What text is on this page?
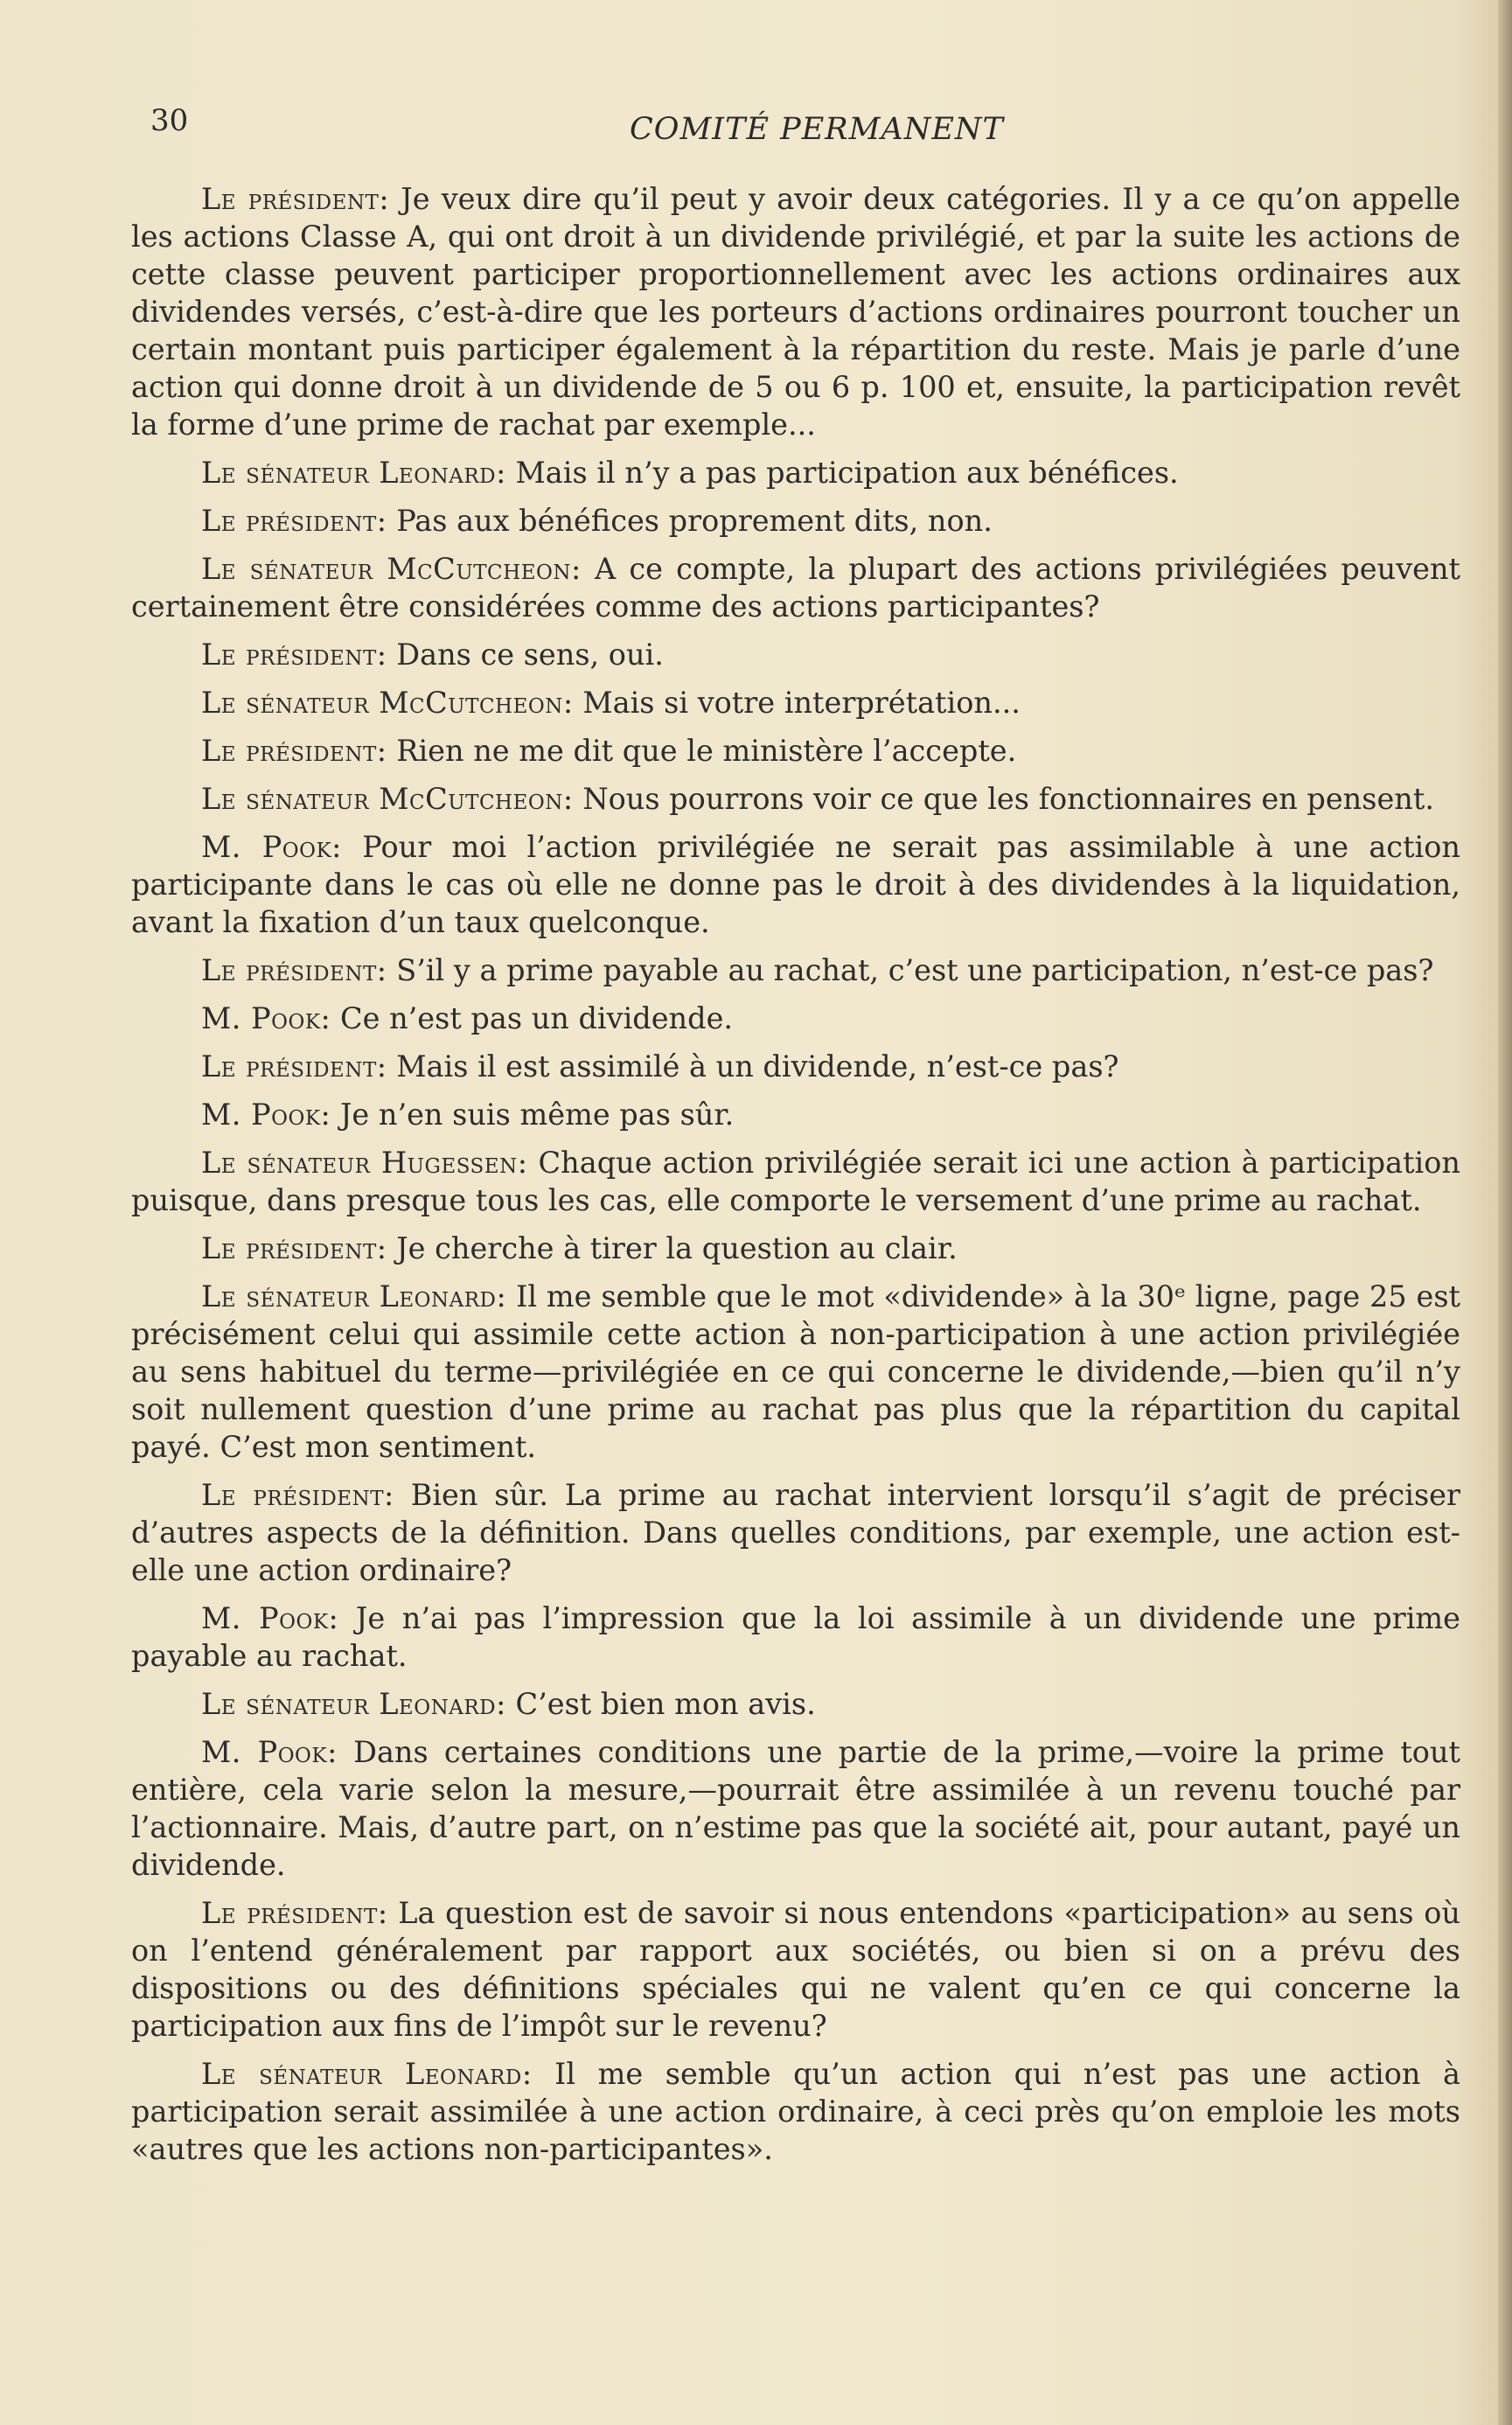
30	COMITÉ PERMANENT

Le président: Je veux dire qu’il peut y avoir deux catégories. Il y a ce qu’on appelle les actions Classe A, qui ont droit à un dividende privilégié, et par la suite les actions de cette classe peuvent participer proportionnellement avec les actions ordinaires aux dividendes versés, c’est-à-dire que les porteurs d’actions ordinaires pourront toucher un certain montant puis participer également à la répartition du reste. Mais je parle d’une action qui donne droit à un dividende de 5 ou 6 p. 100 et, ensuite, la participation revêt la forme d’une prime de rachat par exemple...

Le sénateur Leonard: Mais il n’y a pas participation aux bénéfices.

Le président: Pas aux bénéfices proprement dits, non.

Le sénateur McCutcheon: A ce compte, la plupart des actions privilégiées peuvent certainement être considérées comme des actions participantes?

Le président: Dans ce sens, oui.

Le sénateur McCutcheon: Mais si votre interprétation...

Le président: Rien ne me dit que le ministère l’accepte.

Le sénateur McCutcheon: Nous pourrons voir ce que les fonctionnaires en pensent.

M. Pook: Pour moi l’action privilégiée ne serait pas assimilable à une action participante dans le cas où elle ne donne pas le droit à des dividendes à la liquidation, avant la fixation d’un taux quelconque.

Le président: S’il y a prime payable au rachat, c’est une participation, n’est-ce pas?

M. Pook: Ce n’est pas un dividende.

Le président: Mais il est assimilé à un dividende, n’est-ce pas?

M. Pook: Je n’en suis même pas sûr.

Le sénateur Hugessen: Chaque action privilégiée serait ici une action à participation puisque, dans presque tous les cas, elle comporte le versement d’une prime au rachat.

Le président: Je cherche à tirer la question au clair.

Le sénateur Leonard: Il me semble que le mot «dividende» à la 30ᵉ ligne, page 25 est précisément celui qui assimile cette action à non-participation à une action privilégiée au sens habituel du terme—privilégiée en ce qui concerne le dividende,—bien qu’il n’y soit nullement question d’une prime au rachat pas plus que la répartition du capital payé. C’est mon sentiment.

Le président: Bien sûr. La prime au rachat intervient lorsqu’il s’agit de préciser d’autres aspects de la définition. Dans quelles conditions, par exemple, une action est-elle une action ordinaire?

M. Pook: Je n’ai pas l’impression que la loi assimile à un dividende une prime payable au rachat.

Le sénateur Leonard: C’est bien mon avis.

M. Pook: Dans certaines conditions une partie de la prime,—voire la prime tout entière, cela varie selon la mesure,—pourrait être assimilée à un revenu touché par l’actionnaire. Mais, d’autre part, on n’estime pas que la société ait, pour autant, payé un dividende.

Le président: La question est de savoir si nous entendons «participation» au sens où on l’entend généralement par rapport aux sociétés, ou bien si on a prévu des dispositions ou des définitions spéciales qui ne valent qu’en ce qui concerne la participation aux fins de l’impôt sur le revenu?

Le sénateur Leonard: Il me semble qu’un action qui n’est pas une action à participation serait assimilée à une action ordinaire, à ceci près qu’on emploie les mots «autres que les actions non-participantes».
